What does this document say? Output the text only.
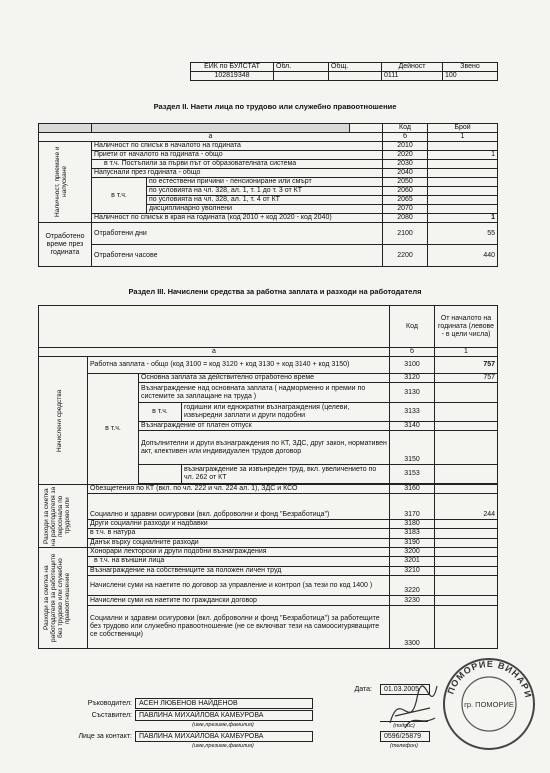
ЕИК по БУЛСТАТ	Обл.	Общ.	Дейност	Звено
102819348			0111	100
Раздел II. Наети лица по трудово или служебно правоотношение
				Код	Брой
а				б	1

Наличност, приемане и напускане	Наличност по списък в началото на годината			2010	
	Приети от началото на годината - общо			2020	1
	в т.ч. Постъпили за първи път от образователната система			2030	
	Напуснали през годината - общо			2040	
	в т.ч.	по естествени причини - пенсиониране или смърт		2050	
		по условията на чл. 328, ал. 1, т. 1 до т. 3 от КТ		2060	
		по условията на чл. 328, ал. 1, т. 4 от КТ		2065	
		дисциплинарно уволнени		2070	
	Наличност по списък в края на годината (код 2010 + код 2020 - код 2040)			2080	1
Отработено време през годината	Отработени дни			2100	55
	Отработени часове			2200	440
Раздел III. Начислени средства за работна заплата и разходи на работодателя
				Код	От началото на годината (левове - в цели числа)
а				б	1

Начислени средства	Работна заплата - общо (код 3100 = код 3120 + код 3130 + код 3140 + код 3150)			3100	757
	в т.ч.	Основна заплата за действително отработено време		3120	757
		Възнаграждение над основната заплата ( надморменно и премии по системите за заплащане на труда )		3130	
		в т.ч.	годишни или еднократни възнаграждения (целеви, извънредни заплати и други подобни	3133	
		Възнаграждение от платен отпуск		3140	
		Допълнителни и други възнаграждения по КТ, ЗДС, друг закон, нормативен акт, клективен или индивидуален трудов договор		3150	
			възнаграждение за извънреден труд, вкл. увеличението по чл. 262 от КТ	3153	

Разходи за сметка на работодателя за персонала по трудово или	Обезщетения по КТ (вкл. по чл. 222 и чл. 224 ал. 1), ЗДС и КСО			3160	
	Социално и здравни осигуровки (вкл. доброволни и фонд "Безработица")			3170	244
	Други социални разходи и надбавки			3180	
	в т.ч. в натура			3183	
	Данък върху социалните разходи			3190	

Разходи за сметка на работодателя за работещите без трудово или служебно правоотношение	Хонорари лекторски и други подобни възнаграждения			3200	
	в т.ч. на външни лица			3201	
	Възнаграждение на собствениците за положен личен труд			3210	
	Начислени суми на наетите по договор за управление и контрол (за тези по код 1400 )			3220	
	Начислени суми на наетите по граждански договор			3230	
	Социални и здравни осигуровки (вкл. доброволни и фонд "Безработица") за работещите без трудово или служебно правоотношение (не се включват тези на самоосигуряващите се собственици)			3300	
Дата:	01.03.2005
Ръководител:	АСЕН ЛЮБЕНОВ НАЙДЕНОВ
Съставител:	ПАВЛИНА МИХАЙЛОВА КАМБУРОВА
(име,презиме,фамилия)	(подпис)
Лице за контакт:	ПАВЛИНА МИХАЙЛОВА КАМБУРОВА
(име,презиме,фамилия)
0596/25879
(телефон)
ПОМОРИЕ ВИНАРИ
гр. ПОМОРИЕ
